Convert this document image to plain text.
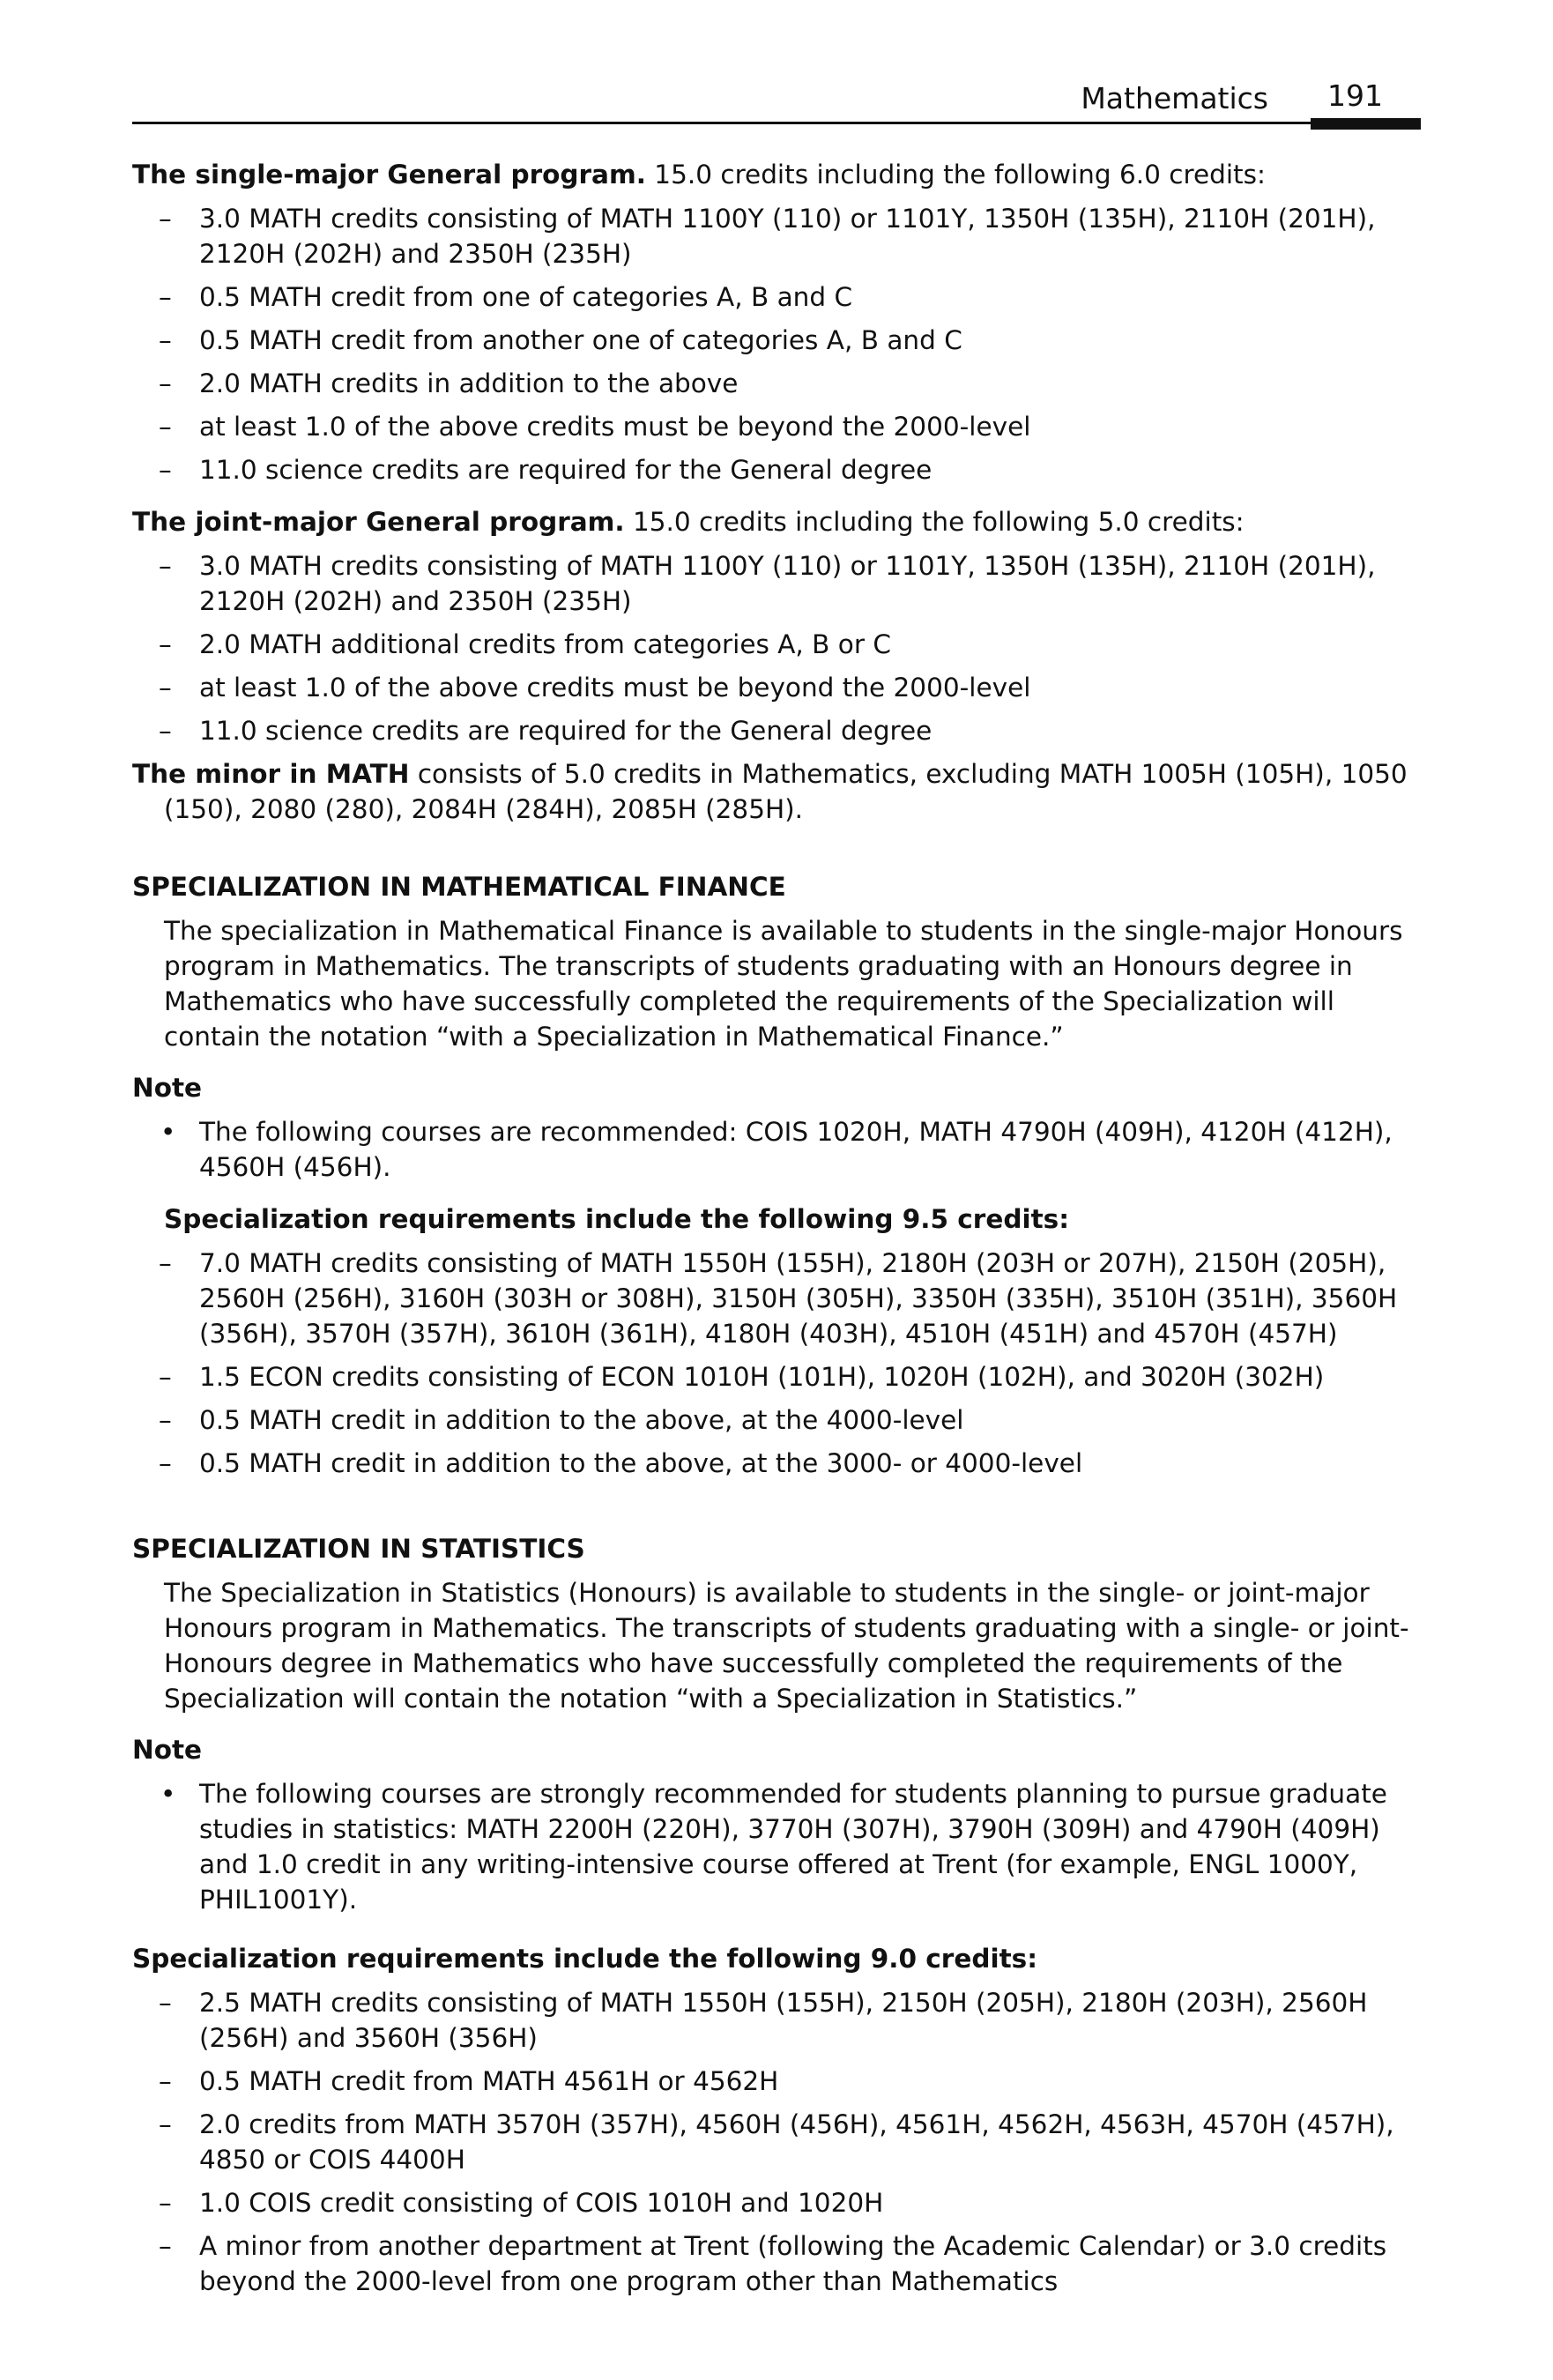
Mathematics 191

The single-major General program. 15.0 credits including the following 6.0 credits:

– 3.0 MATH credits consisting of MATH 1100Y (110) or 1101Y, 1350H (135H), 2110H (201H), 2120H (202H) and 2350H (235H)
– 0.5 MATH credit from one of categories A, B and C
– 0.5 MATH credit from another one of categories A, B and C
– 2.0 MATH credits in addition to the above
– at least 1.0 of the above credits must be beyond the 2000-level
– 11.0 science credits are required for the General degree

The joint-major General program. 15.0 credits including the following 5.0 credits:

– 3.0 MATH credits consisting of MATH 1100Y (110) or 1101Y, 1350H (135H), 2110H (201H), 2120H (202H) and 2350H (235H)
– 2.0 MATH additional credits from categories A, B or C
– at least 1.0 of the above credits must be beyond the 2000-level
– 11.0 science credits are required for the General degree

The minor in MATH consists of 5.0 credits in Mathematics, excluding MATH 1005H (105H), 1050 (150), 2080 (280), 2084H (284H), 2085H (285H).

SPECIALIZATION IN MATHEMATICAL FINANCE

The specialization in Mathematical Finance is available to students in the single-major Honours program in Mathematics. The transcripts of students graduating with an Honours degree in Mathematics who have successfully completed the requirements of the Specialization will contain the notation “with a Specialization in Mathematical Finance.”

Note

• The following courses are recommended: COIS 1020H, MATH 4790H (409H), 4120H (412H), 4560H (456H).

Specialization requirements include the following 9.5 credits:

– 7.0 MATH credits consisting of MATH 1550H (155H), 2180H (203H or 207H), 2150H (205H), 2560H (256H), 3160H (303H or 308H), 3150H (305H), 3350H (335H), 3510H (351H), 3560H (356H), 3570H (357H), 3610H (361H), 4180H (403H), 4510H (451H) and 4570H (457H)
– 1.5 ECON credits consisting of ECON 1010H (101H), 1020H (102H), and 3020H (302H)
– 0.5 MATH credit in addition to the above, at the 4000-level
– 0.5 MATH credit in addition to the above, at the 3000- or 4000-level

SPECIALIZATION IN STATISTICS

The Specialization in Statistics (Honours) is available to students in the single- or joint-major Honours program in Mathematics. The transcripts of students graduating with a single- or joint-Honours degree in Mathematics who have successfully completed the requirements of the Specialization will contain the notation “with a Specialization in Statistics.”

Note

• The following courses are strongly recommended for students planning to pursue graduate studies in statistics: MATH 2200H (220H), 3770H (307H), 3790H (309H) and 4790H (409H) and 1.0 credit in any writing-intensive course offered at Trent (for example, ENGL 1000Y, PHIL1001Y).

Specialization requirements include the following 9.0 credits:

– 2.5 MATH credits consisting of MATH 1550H (155H), 2150H (205H), 2180H (203H), 2560H (256H) and 3560H (356H)
– 0.5 MATH credit from MATH 4561H or 4562H
– 2.0 credits from MATH 3570H (357H), 4560H (456H), 4561H, 4562H, 4563H, 4570H (457H), 4850 or COIS 4400H
– 1.0 COIS credit consisting of COIS 1010H and 1020H
– A minor from another department at Trent (following the Academic Calendar) or 3.0 credits beyond the 2000-level from one program other than Mathematics
